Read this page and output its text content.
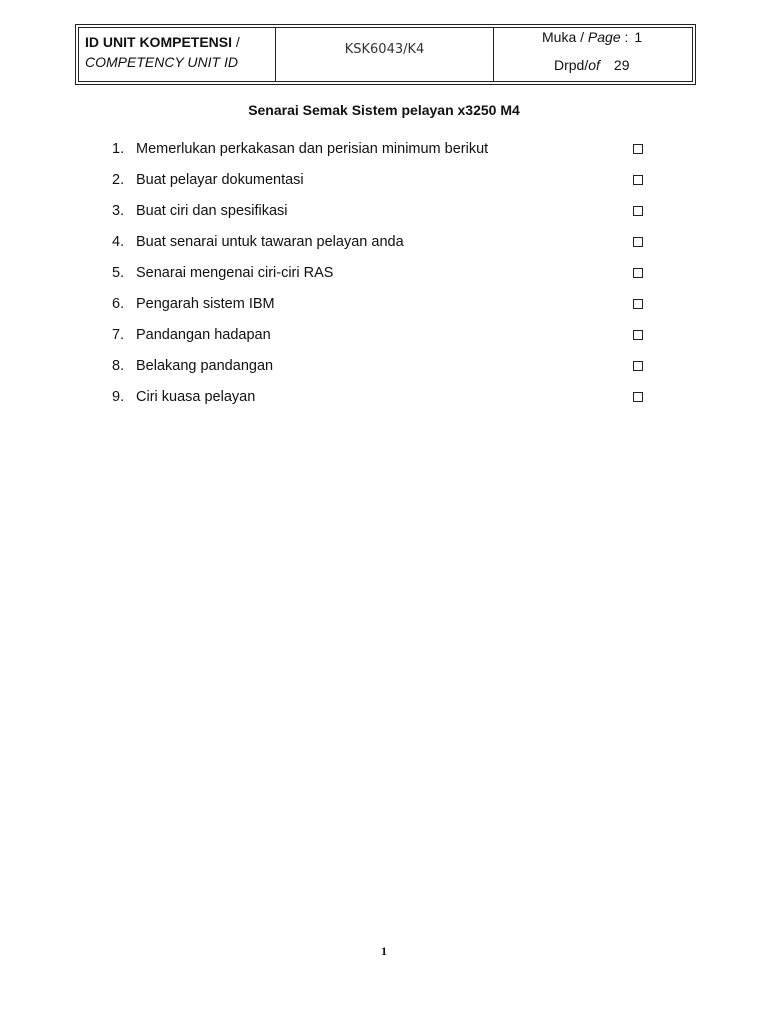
ID UNIT KOMPETENSI /
COMPETENCY UNIT ID
KSK6043/K4
Muka / Page : 1
Drpd/of 29
Senarai Semak Sistem pelayan x3250 M4
1. Memerlukan perkakasan dan perisian minimum berikut
2. Buat pelayar dokumentasi
3. Buat ciri dan spesifikasi
4. Buat senarai untuk tawaran pelayan anda
5. Senarai mengenai ciri-ciri RAS
6. Pengarah sistem IBM
7. Pandangan hadapan
8. Belakang pandangan
9. Ciri kuasa pelayan
1
